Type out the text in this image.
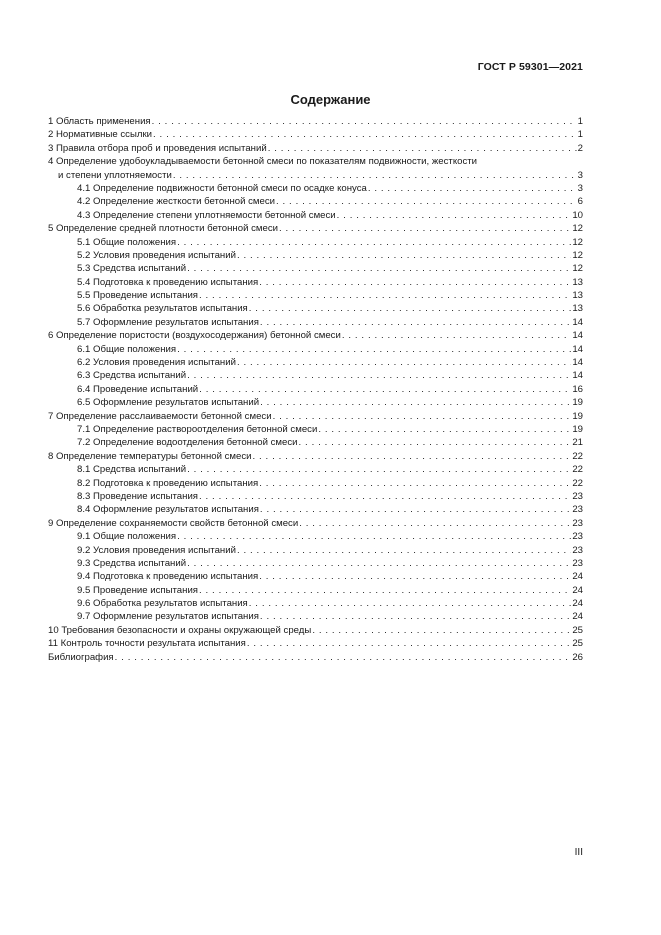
ГОСТ Р 59301—2021
Содержание
1 Область применения . . .	1
2 Нормативные ссылки . . .	1
3 Правила отбора проб и проведения испытаний . . .	2
4 Определение удобоукладываемости бетонной смеси по показателям подвижности, жесткости
и степени уплотняемости . . .	3
4.1 Определение подвижности бетонной смеси по осадке конуса . . .	3
4.2 Определение жесткости бетонной смеси . . .	6
4.3 Определение степени уплотняемости бетонной смеси . . .	10
5 Определение средней плотности бетонной смеси . . .	12
5.1 Общие положения . . .	12
5.2 Условия проведения испытаний . . .	12
5.3 Средства испытаний . . .	12
5.4 Подготовка к проведению испытания . . .	13
5.5 Проведение испытания . . .	13
5.6 Обработка результатов испытания . . .	13
5.7 Оформление результатов испытания . . .	14
6 Определение пористости (воздухосодержания) бетонной смеси . . .	14
6.1 Общие положения . . .	14
6.2 Условия проведения испытаний . . .	14
6.3 Средства испытаний . . .	14
6.4 Проведение испытаний . . .	16
6.5 Оформление результатов испытаний . . .	19
7 Определение расслаиваемости бетонной смеси . . .	19
7.1 Определение раствороотделения бетонной смеси . . .	19
7.2 Определение водоотделения бетонной смеси . . .	21
8 Определение температуры бетонной смеси . . .	22
8.1 Средства испытаний . . .	22
8.2 Подготовка к проведению испытания . . .	22
8.3 Проведение испытания . . .	23
8.4 Оформление результатов испытания . . .	23
9 Определение сохраняемости свойств бетонной смеси . . .	23
9.1 Общие положения . . .	23
9.2 Условия проведения испытаний . . .	23
9.3 Средства испытаний . . .	23
9.4 Подготовка к проведению испытания . . .	24
9.5 Проведение испытания . . .	24
9.6 Обработка результатов испытания . . .	24
9.7 Оформление результатов испытания . . .	24
10 Требования безопасности и охраны окружающей среды . . .	25
11 Контроль точности результата испытания . . .	25
Библиография . . .	26
III
